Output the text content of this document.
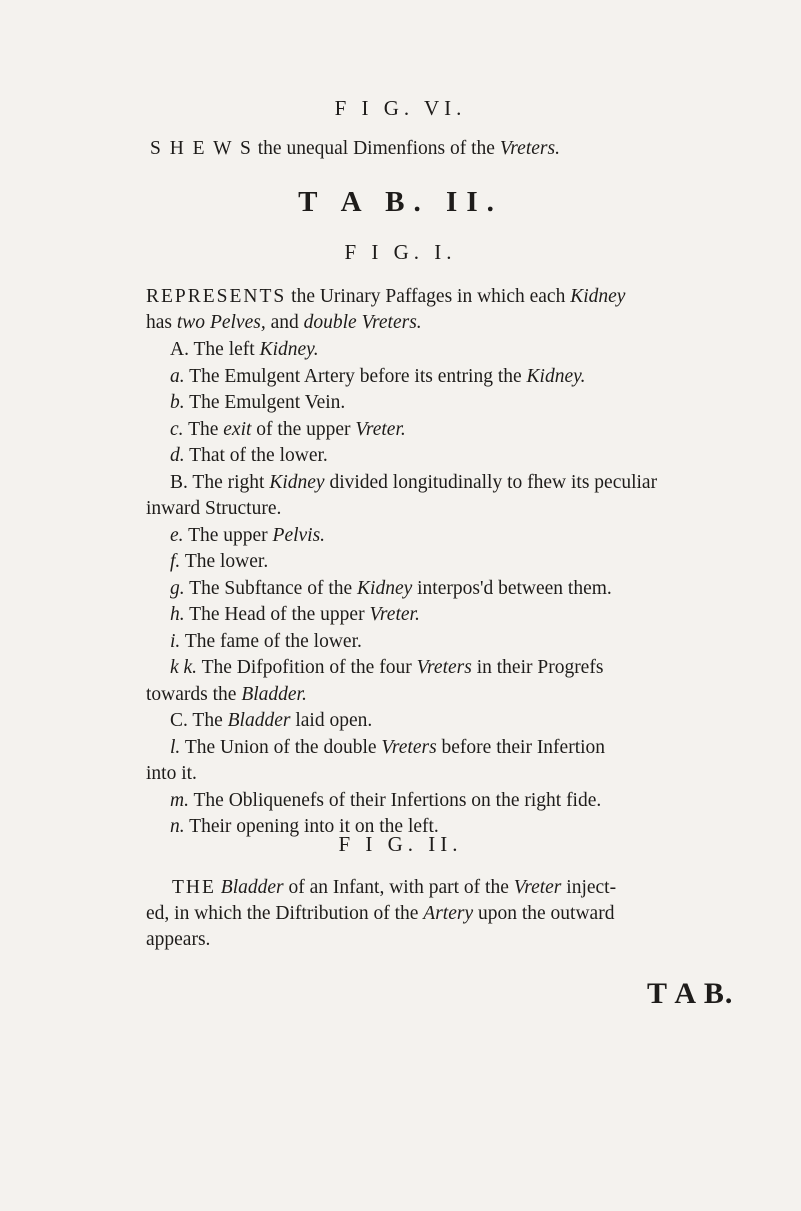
F I G. VI.
S H E W S the unequal Dimenfions of the Vreters.
T A B. II.
F I G. I.
REPRESENTS the Urinary Paffages in which each Kidney
has two Pelves, and double Vreters.
A. The left Kidney.
a. The Emulgent Artery before its entring the Kidney.
b. The Emulgent Vein.
c. The exit of the upper Vreter.
d. That of the lower.
B. The right Kidney divided longitudinally to fhew its peculiar
inward Structure.
e. The upper Pelvis.
f. The lower.
g. The Subftance of the Kidney interpos'd between them.
h. The Head of the upper Vreter.
i. The fame of the lower.
k k. The Difpofition of the four Vreters in their Progrefs
towards the Bladder.
C. The Bladder laid open.
l. The Union of the double Vreters before their Infertion
into it.
m. The Obliquenefs of their Infertions on the right fide.
n. Their opening into it on the left.
F I G. II.
THE Bladder of an Infant, with part of the Vreter inject-
ed, in which the Diftribution of the Artery upon the outward
appears.
T A B.
